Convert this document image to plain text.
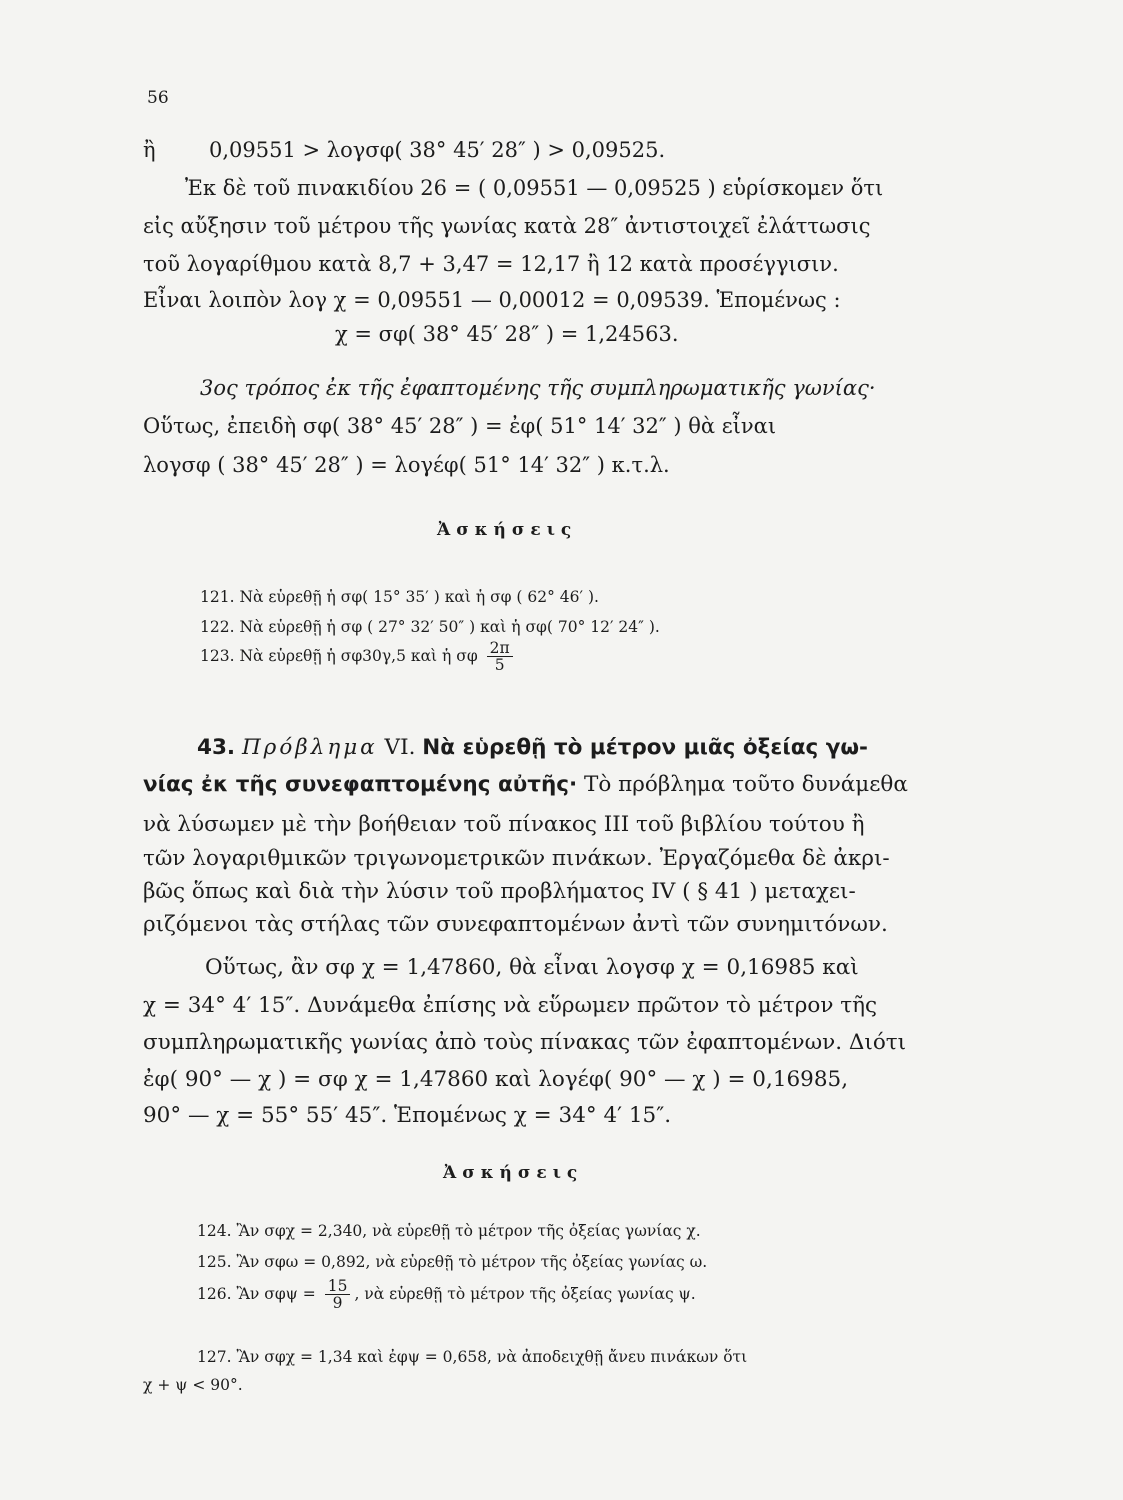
56
ἢ        0,09551 > λογσφ( 38° 45′ 28″ ) > 0,09525.
Ἐκ δὲ τοῦ πινακιδίου 26 = ( 0,09551 — 0,09525 ) εὑρίσκομεν ὅτι
εἰς αὔξησιν τοῦ μέτρου τῆς γωνίας κατὰ 28″ ἀντιστοιχεῖ ἐλάττωσις
τοῦ λογαρίθμου κατὰ 8,7 + 3,47 = 12,17 ἢ 12 κατὰ προσέγγισιν.
Εἶναι λοιπὸν λογ χ = 0,09551 — 0,00012 = 0,09539. Ἑπομένως :
χ = σφ( 38° 45′ 28″ ) = 1,24563.
3ος τρόπος ἐκ τῆς ἐφαπτομένης τῆς συμπληρωματικῆς γωνίας·
Οὕτως, ἐπειδὴ σφ( 38° 45′ 28″ ) = ἐφ( 51° 14′ 32″ ) θὰ εἶναι
λογσφ ( 38° 45′ 28″ ) = λογέφ( 51° 14′ 32″ ) κ.τ.λ.
Ἀσκήσεις
121. Νὰ εὑρεθῇ ἡ σφ( 15° 35′ ) καὶ ἡ σφ ( 62° 46′ ).
122. Νὰ εὑρεθῇ ἡ σφ ( 27° 32′ 50″ ) καὶ ἡ σφ( 70° 12′ 24″ ).
123. Νὰ εὑρεθῇ ἡ σφ30γ,5 καὶ ἡ σφ $\frac{2\pi}{5}$
43. Πρόβλημα VI. Νὰ εὑρεθῇ τὸ μέτρον μιᾶς ὀξείας γω-
νίας ἐκ τῆς συνεφαπτομένης αὐτῆς· Τὸ πρόβλημα τοῦτο δυνάμεθα
νὰ λύσωμεν μὲ τὴν βοήθειαν τοῦ πίνακος III τοῦ βιβλίου τούτου ἢ
τῶν λογαριθμικῶν τριγωνομετρικῶν πινάκων. Ἐργαζόμεθα δὲ ἀκρι-
βῶς ὅπως καὶ διὰ τὴν λύσιν τοῦ προβλήματος IV ( § 41 ) μεταχει-
ριζόμενοι τὰς στήλας τῶν συνεφαπτομένων ἀντὶ τῶν συνημιτόνων.
Οὕτως, ἂν σφ χ = 1,47860, θὰ εἶναι λογσφ χ = 0,16985 καὶ
χ = 34° 4′ 15″. Δυνάμεθα ἐπίσης νὰ εὕρωμεν πρῶτον τὸ μέτρον τῆς
συμπληρωματικῆς γωνίας ἀπὸ τοὺς πίνακας τῶν ἐφαπτομένων. Διότι
ἐφ( 90° — χ ) = σφ χ = 1,47860 καὶ λογέφ( 90° — χ ) = 0,16985,
90° — χ = 55° 55′ 45″. Ἑπομένως χ = 34° 4′ 15″.
Ἀσκήσεις
124. Ἂν σφχ = 2,340, νὰ εὑρεθῇ τὸ μέτρον τῆς ὀξείας γωνίας χ.
125. Ἂν σφω = 0,892, νὰ εὑρεθῇ τὸ μέτρον τῆς ὀξείας γωνίας ω.
126. Ἂν $\sigma\varphi\psi = \frac{15}{9}$ , νὰ εὑρεθῇ τὸ μέτρον τῆς ὀξείας γωνίας ψ.
127. Ἂν σφχ = 1,34 καὶ ἐφψ = 0,658, νὰ ἀποδειχθῇ ἄνευ πινάκων ὅτι
χ + ψ < 90°.
